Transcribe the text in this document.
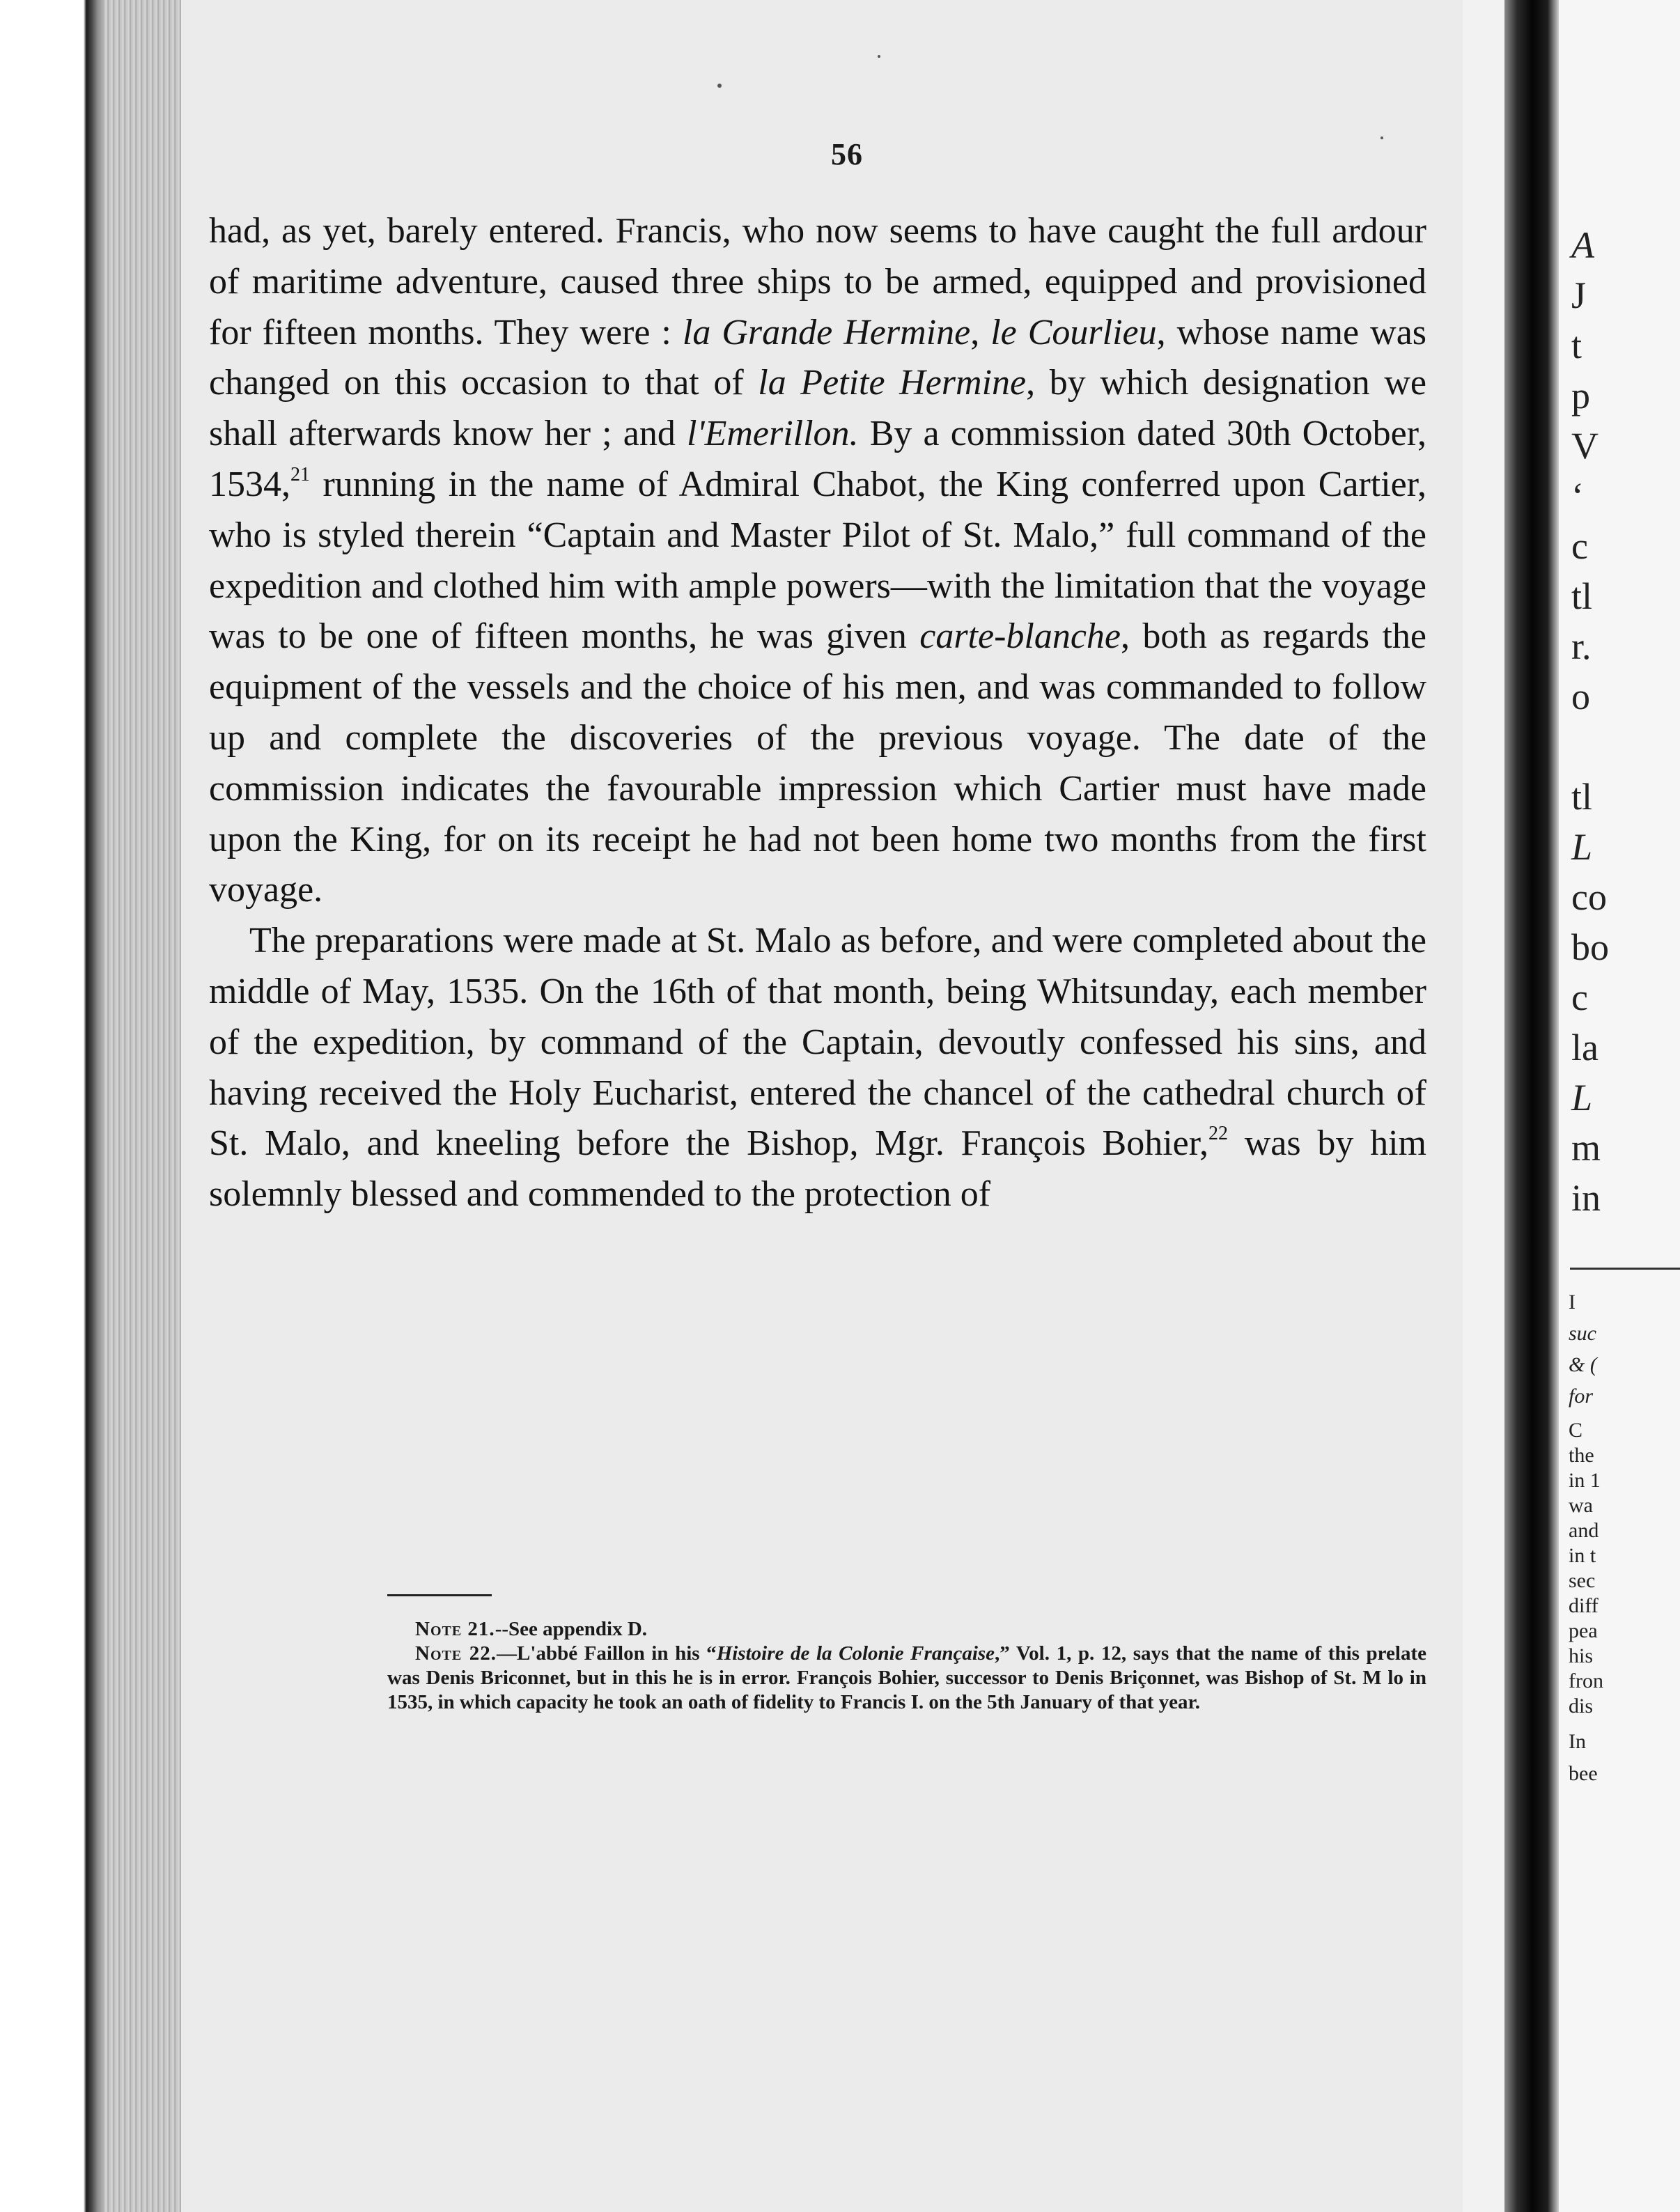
56

had, as yet, barely entered. Francis, who now seems to have caught the full ardour of maritime adventure, caused three ships to be armed, equipped and provisioned for fifteen months. They were : la Grande Hermine, le Courlieu, whose name was changed on this occasion to that of la Petite Hermine, by which designation we shall afterwards know her ; and l'Emerillon. By a commission dated 30th October, 1534,21 running in the name of Admiral Chabot, the King conferred upon Cartier, who is styled therein “Captain and Master Pilot of St. Malo,” full command of the expedition and clothed him with ample powers—with the limitation that the voyage was to be one of fifteen months, he was given carte-blanche, both as regards the equipment of the vessels and the choice of his men, and was commanded to follow up and complete the discoveries of the previous voyage. The date of the commission indicates the favourable impression which Cartier must have made upon the King, for on its receipt he had not been home two months from the first voyage.

The preparations were made at St. Malo as before, and were completed about the middle of May, 1535. On the 16th of that month, being Whitsunday, each member of the expedition, by command of the Captain, devoutly confessed his sins, and having received the Holy Eucharist, entered the chancel of the cathedral church of St. Malo, and kneeling before the Bishop, Mgr. François Bohier,$^{22}$ was by him solemnly blessed and commended to the protection of

Note 21.--See appendix D.

Note 22.—L'abbé Faillon in his “Histoire de la Colonie Française,” Vol. 1, p. 12, says that the name of this prelate was Denis Briconnet, but in this he is in error. François Bohier, successor to Denis Briçonnet, was Bishop of St. M lo in 1535, in which capacity he took an oath of fidelity to Francis I. on the 5th January of that year.

A
J
t
p
V
‘
c
tl
r.
o
tl
L
co
bo
c
la
L
m
in
I
suc
& (
for
C
the
in 1
wa
and
in t
sec
diff
pea
his
fron
dis
In
bee
